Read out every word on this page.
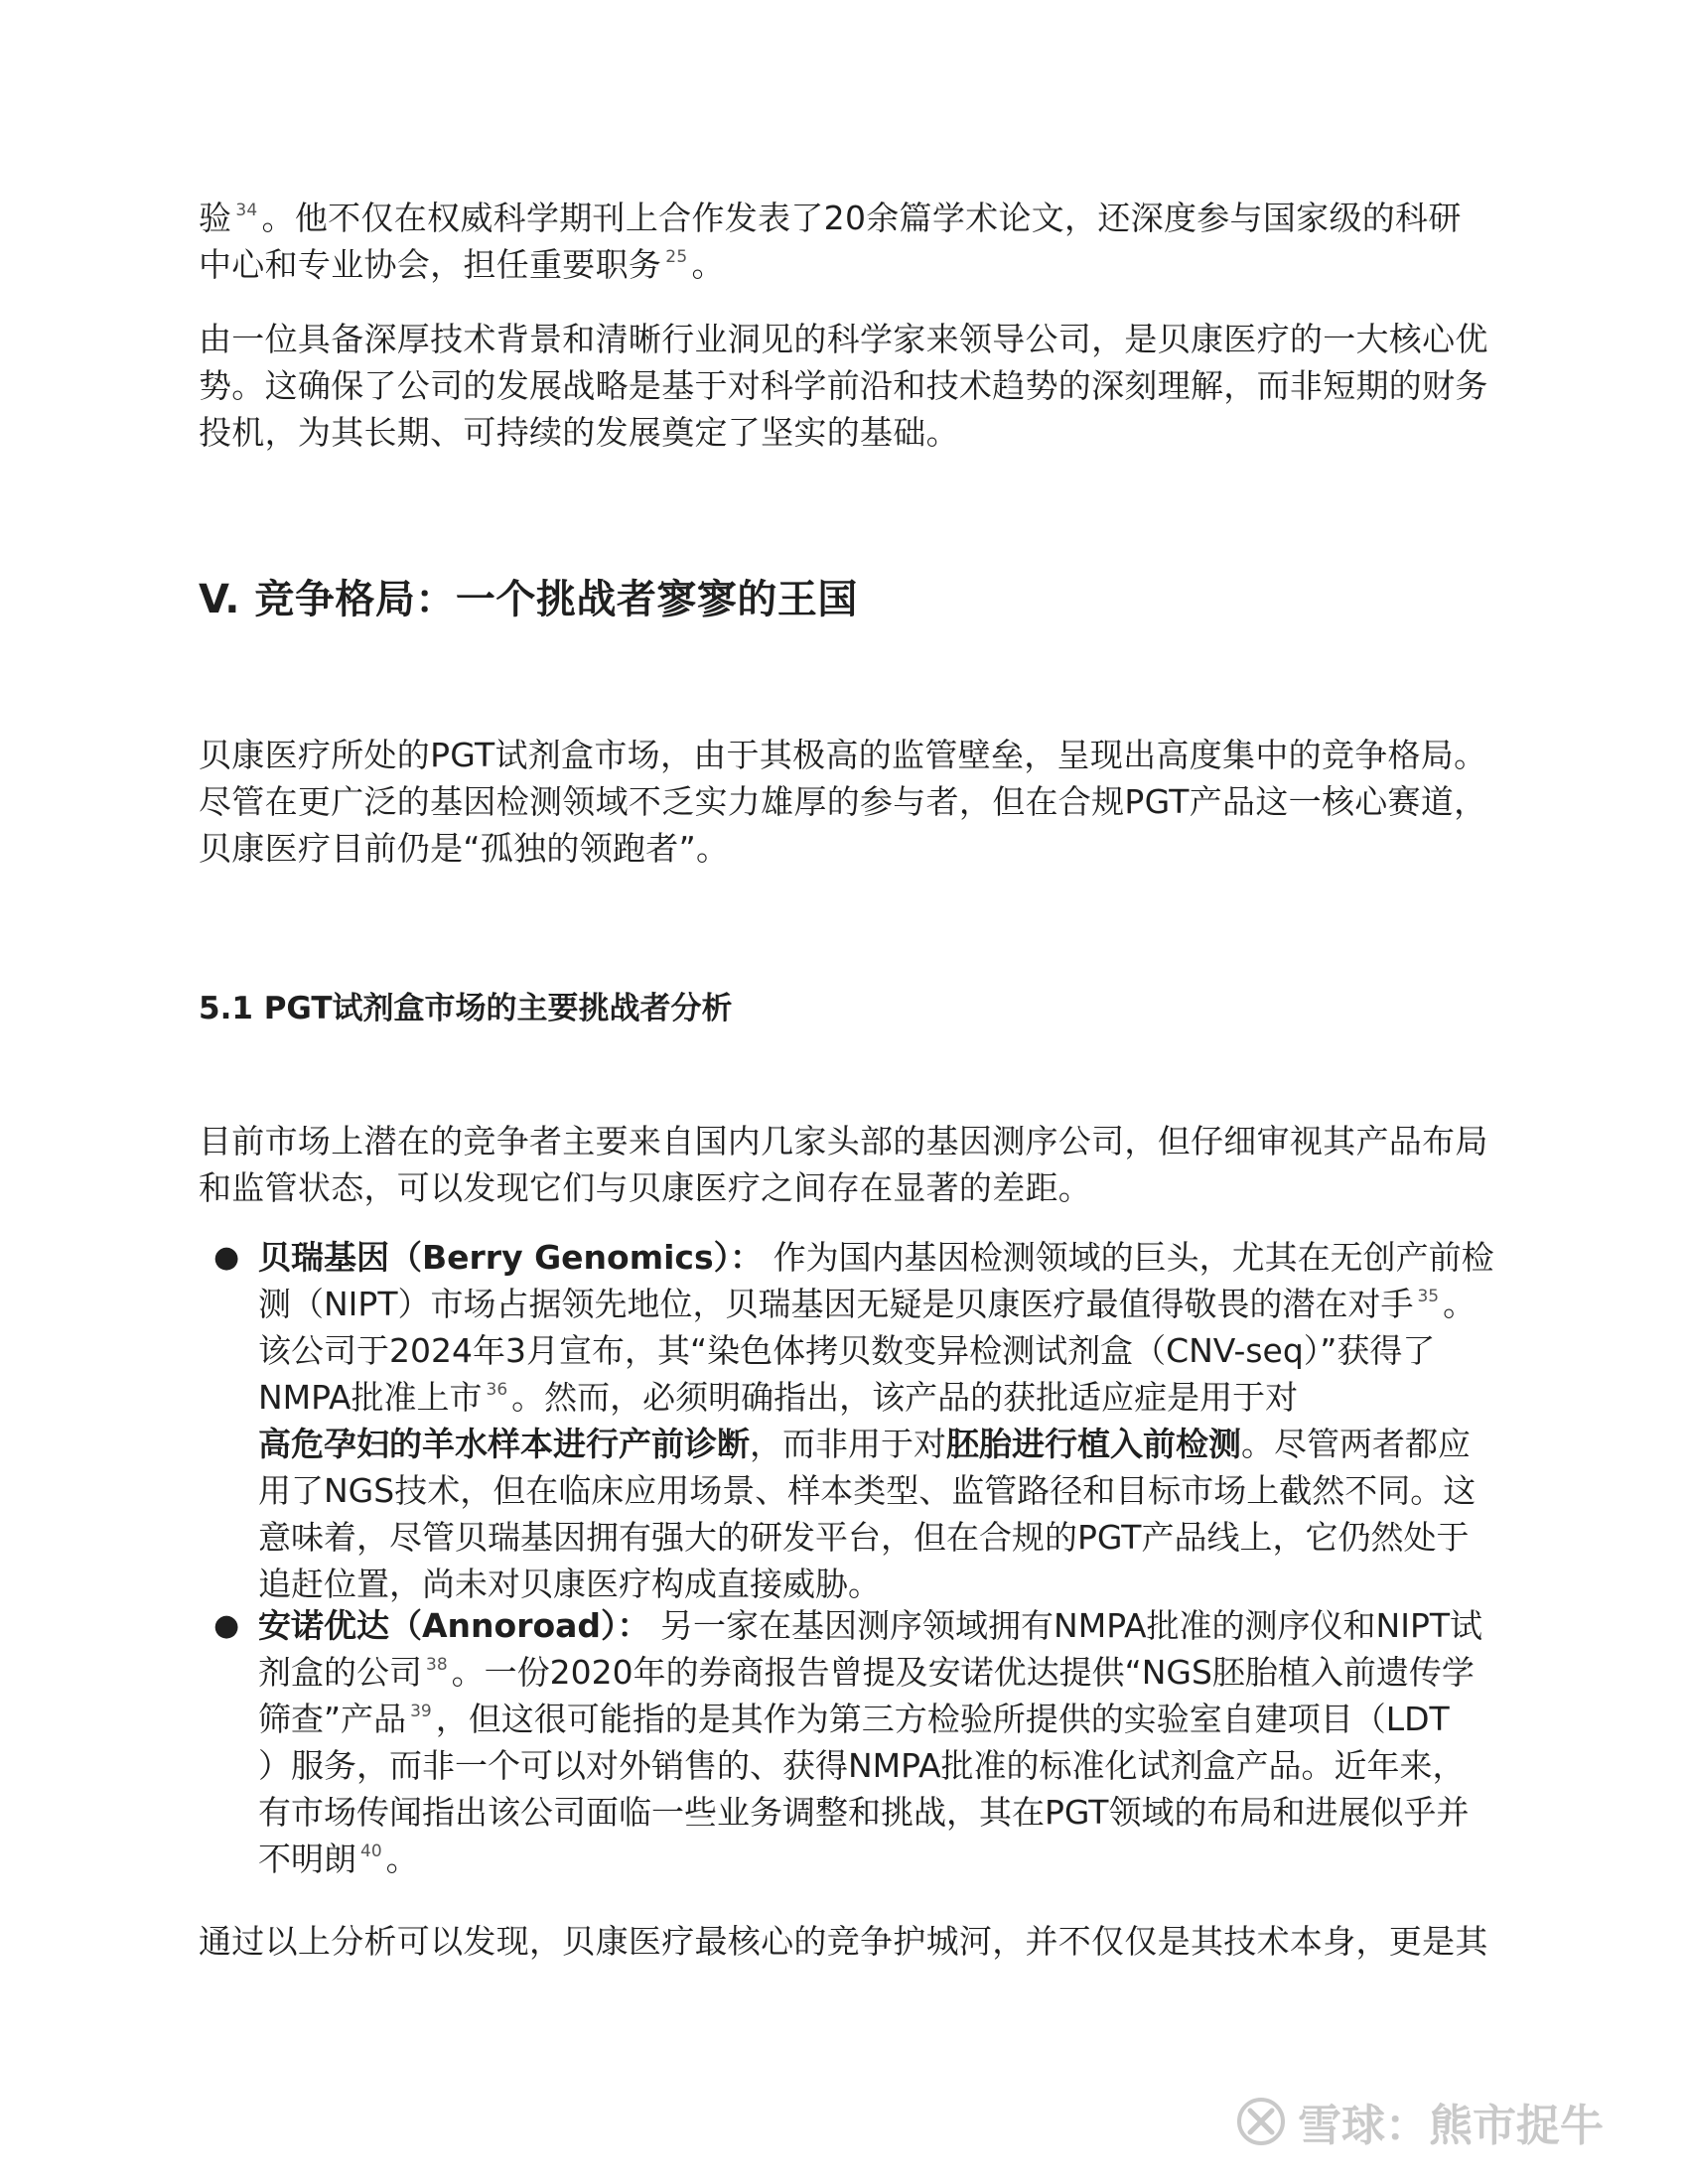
验 $^{34}$ 。他不仅在权威科学期刊上合作发表了20余篇学术论文，还深度参与国家级的科研
中心和专业协会，担任重要职务 $^{25}$ 。

由一位具备深厚技术背景和清晰行业洞见的科学家来领导公司，是贝康医疗的一大核心优
势。这确保了公司的发展战略是基于对科学前沿和技术趋势的深刻理解，而非短期的财务
投机，为其长期、可持续的发展奠定了坚实的基础。

V. 竞争格局：一个挑战者寥寥的王国

贝康医疗所处的PGT试剂盒市场，由于其极高的监管壁垒，呈现出高度集中的竞争格局。
尽管在更广泛的基因检测领域不乏实力雄厚的参与者，但在合规PGT产品这一核心赛道，
贝康医疗目前仍是“孤独的领跑者”。

5.1 PGT试剂盒市场的主要挑战者分析

目前市场上潜在的竞争者主要来自国内几家头部的基因测序公司，但仔细审视其产品布局
和监管状态，可以发现它们与贝康医疗之间存在显著的差距。

● 贝瑞基因（Berry Genomics）： 作为国内基因检测领域的巨头，尤其在无创产前检
测（NIPT）市场占据领先地位，贝瑞基因无疑是贝康医疗最值得敬畏的潜在对手 $^{35}$ 。
该公司于2024年3月宣布，其“染色体拷贝数变异检测试剂盒（CNV-seq）”获得了
NMPA批准上市 $^{36}$ 。然而，必须明确指出，该产品的获批适应症是用于对
高危孕妇的羊水样本进行产前诊断，而非用于对胚胎进行植入前检测。尽管两者都应
用了NGS技术，但在临床应用场景、样本类型、监管路径和目标市场上截然不同。这
意味着，尽管贝瑞基因拥有强大的研发平台，但在合规的PGT产品线上，它仍然处于
追赶位置，尚未对贝康医疗构成直接威胁。
● 安诺优达（Annoroad）： 另一家在基因测序领域拥有NMPA批准的测序仪和NIPT试
剂盒的公司 $^{38}$ 。一份2020年的券商报告曾提及安诺优达提供“NGS胚胎植入前遗传学
筛查”产品 $^{39}$ ，但这很可能指的是其作为第三方检验所提供的实验室自建项目（LDT
）服务，而非一个可以对外销售的、获得NMPA批准的标准化试剂盒产品。近年来，
有市场传闻指出该公司面临一些业务调整和挑战，其在PGT领域的布局和进展似乎并
不明朗 $^{40}$ 。

通过以上分析可以发现，贝康医疗最核心的竞争护城河，并不仅仅是其技术本身，更是其

雪球：熊市捉牛
